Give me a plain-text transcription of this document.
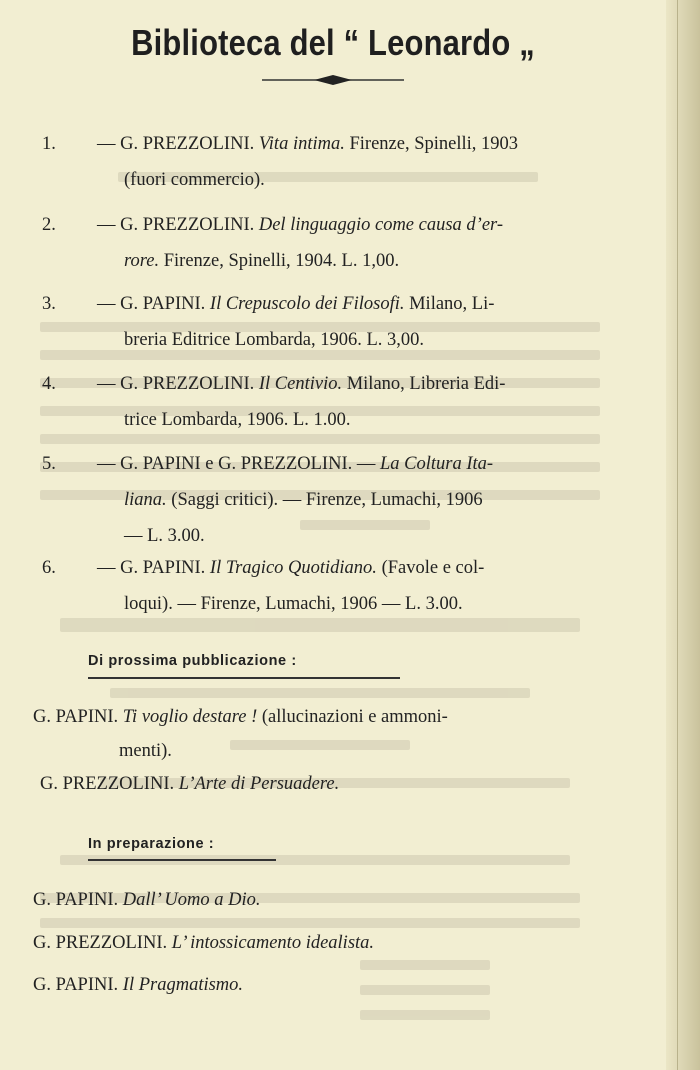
Biblioteca del “ Leonardo „
1.	— G. PREZZOLINI. Vita intima. Firenze, Spinelli, 1903
(fuori commercio).
2.	— G. PREZZOLINI. Del linguaggio come causa d’er-
rore. Firenze, Spinelli, 1904. L. 1,00.
3.	— G. PAPINI. Il Crepuscolo dei Filosofi. Milano, Li-
breria Editrice Lombarda, 1906. L. 3,00.
4.	— G. PREZZOLINI. Il Centivio. Milano, Libreria Edi-
trice Lombarda, 1906. L. 1.00.
5.	— G. PAPINI e G. PREZZOLINI. — La Coltura Ita-
liana. (Saggi critici). — Firenze, Lumachi, 1906
— L. 3.00.
6.	— G. PAPINI. Il Tragico Quotidiano. (Favole e col-
loqui). — Firenze, Lumachi, 1906 — L. 3.00.
Di prossima pubblicazione :
G. PAPINI. Ti voglio destare ! (allucinazioni e ammoni-
menti).
G. PREZZOLINI. L’Arte di Persuadere.
In preparazione :
G. PAPINI. Dall’ Uomo a Dio.
G. PREZZOLINI. L’ intossicamento idealista.
G. PAPINI. Il Pragmatismo.
